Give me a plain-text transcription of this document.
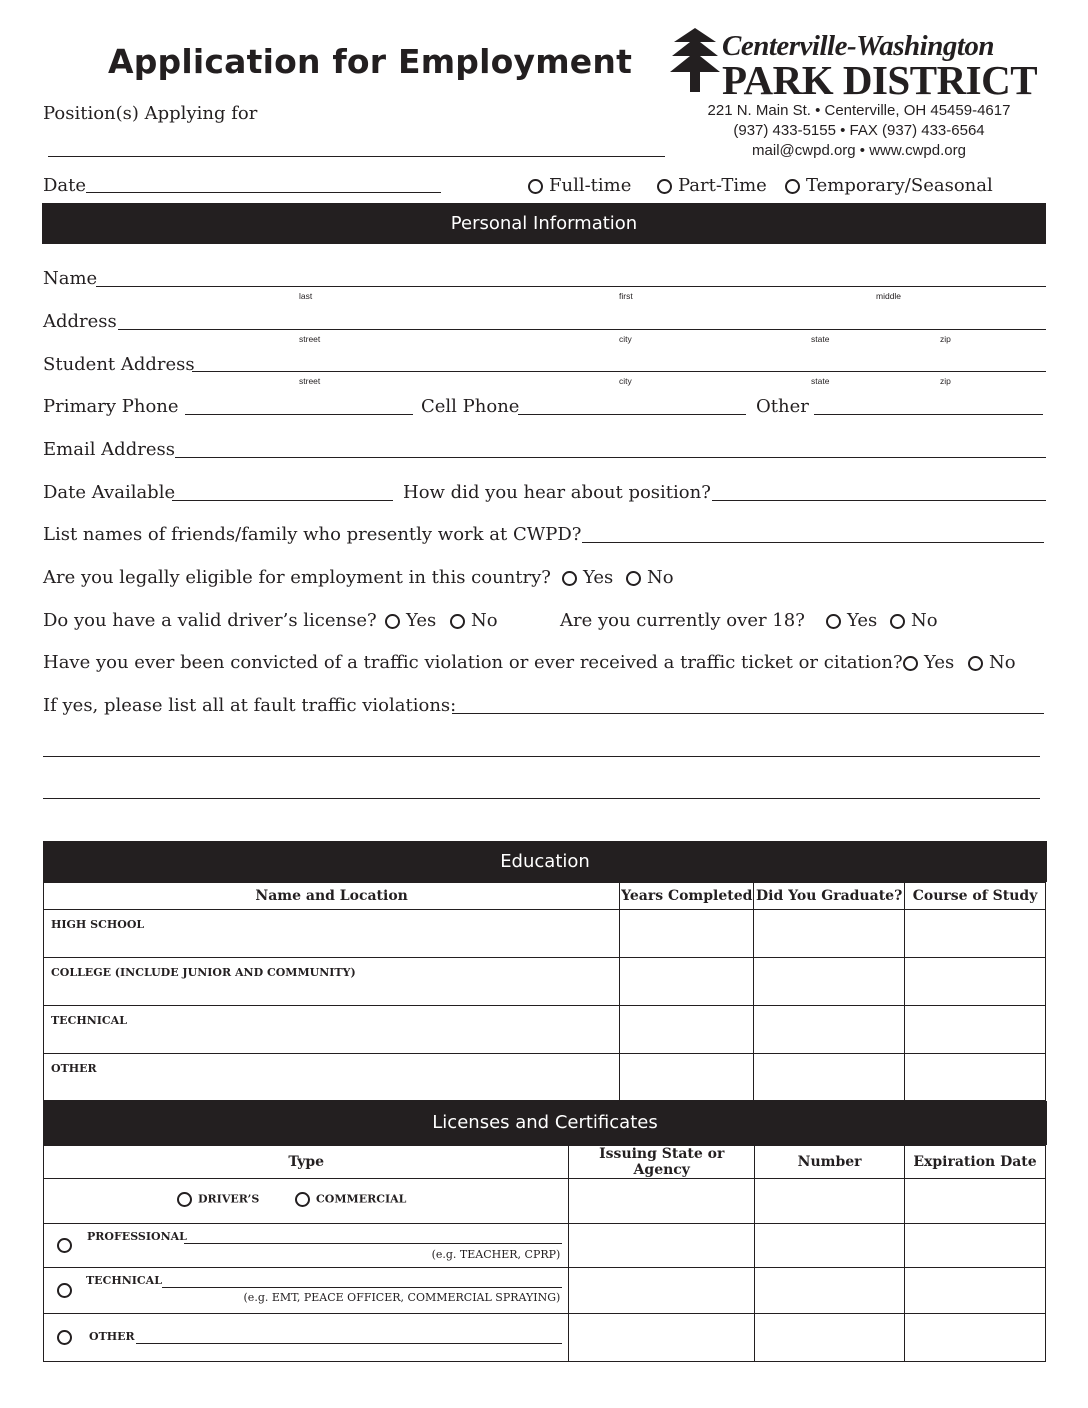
Application for Employment	Centerville-Washington
PARK DISTRICT
221 N. Main St. • Centerville, OH 45459-4617
(937) 433-5155 • FAX (937) 433-6564
mail@cwpd.org • www.cwpd.org
Position(s) Applying for
Date	Full-time	Part-Time	Temporary/Seasonal
Personal Information
Name
last	first	middle
Address
street	city	state	zip
Student Address
street	city	state	zip
Primary Phone	Cell Phone	Other
Email Address
Date Available	How did you hear about position?
List names of friends/family who presently work at CWPD?
Are you legally eligible for employment in this country?	Yes	No
Do you have a valid driver’s license?	Yes	No	Are you currently over 18?	Yes	No
Have you ever been convicted of a traffic violation or ever received a traffic ticket or citation?	Yes	No
If yes, please list all at fault traffic violations:
Education
Name and Location	Years Completed	Did You Graduate?	Course of Study
HIGH SCHOOL			
COLLEGE (INCLUDE JUNIOR AND COMMUNITY)			
TECHNICAL			
OTHER			
Licenses and Certificates
Type	Issuing State or Agency	Number	Expiration Date

DRIVER’S COMMERCIAL			

PROFESSIONAL
(e.g. TEACHER, CPRP)			

TECHNICAL
(e.g. EMT, PEACE OFFICER, COMMERCIAL SPRAYING)			

OTHER			
